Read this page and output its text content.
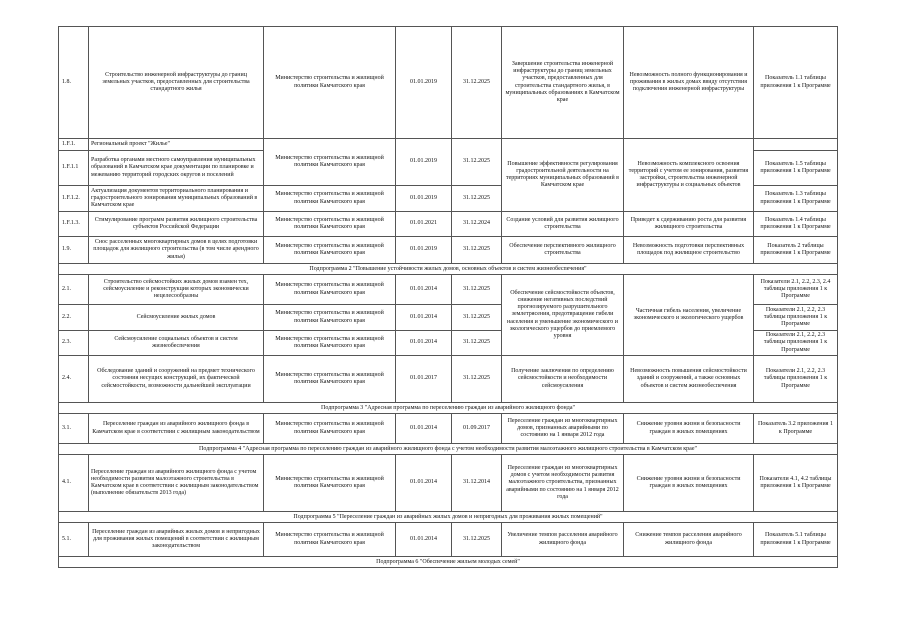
1.8.	Строительство инженерной инфраструктуры до границ земельных участков, предоставленных для строительства стандартного жилья	Министерство строительства и жилищной политики Камчатского края	01.01.2019	31.12.2025	Завершение строительства инженерной инфраструктуры до границ земельных участков, предоставленных для строительства стандартного жилья, в муниципальных образованиях в Камчатском крае	Невозможность полного функционирования и проживания в жилых домах ввиду отсутствия подключения инженерной инфраструктуры	Показатель 1.1 таблицы приложения 1 к Программе
1.F.1.	Региональный проект "Жилье"	Министерство строительства и жилищной политики Камчатского края	01.01.2019	31.12.2025	Повышение эффективности регулирования градостроительной деятельности на территориях муниципальных образований в Камчатском крае	Невозможность комплексного освоения территорий с учетом ее зонирования, развития застройки, строительства инженерной инфраструктуры и социальных объектов	
1.F.1.1	Разработка органами местного самоуправления муниципальных образований в Камчатском крае документации по планировке и межеванию территорий городских округов и поселений						Показатель 1.5 таблицы приложения 1 к Программе
1.F.1.2.	Актуализация документов территориального планирования и градостроительного зонирования муниципальных образований в Камчатском крае	Министерство строительства и жилищной политики Камчатского края	01.01.2019	31.12.2025			Показатель 1.3 таблицы приложения 1 к Программе
1.F.1.3.	Стимулирование программ развития жилищного строительства субъектов Российской Федерации	Министерство строительства и жилищной политики Камчатского края	01.01.2021	31.12.2024	Создание условий для развития жилищного строительства	Приведет к сдерживанию роста для развития жилищного строительства	Показатель 1.4 таблицы приложения 1 к Программе
1.9.	Снос расселенных многоквартирных домов в целях подготовки площадок для жилищного строительства (в том числе арендного жилья)	Министерство строительства и жилищной политики Камчатского края	01.01.2019	31.12.2025	Обеспечение перспективного жилищного строительства	Невозможность подготовки перспективных площадок под жилищное строительство	Показатель 2 таблицы приложения 1 к Программе
Подпрограмма 2 "Повышение устойчивости жилых домов, основных объектов и систем жизнеобеспечения"							
2.1.	Строительство сейсмостойких жилых домов взамен тех, сейсмоусиление и реконструкция которых экономически нецелесообразны	Министерство строительства и жилищной политики Камчатского края	01.01.2014	31.12.2025	Обеспечение сейсмостойкости объектов, снижение негативных последствий прогнозируемого разрушительного землетрясения, предотвращение гибели населения и уменьшение экономического и экологического ущербов до приемлемого уровня	Частичная гибель населения, увеличение экономического и экологического ущербов	Показатели 2.1, 2.2, 2.3, 2.4 таблицы приложения 1 к Программе
2.2.	Сейсмоусиление жилых домов	Министерство строительства и жилищной политики Камчатского края	01.01.2014	31.12.2025			Показатели 2.1, 2.2, 2.3 таблицы приложения 1 к Программе
2.3.	Сейсмоусиление социальных объектов и систем жизнеобеспечения	Министерство строительства и жилищной политики Камчатского края	01.01.2014	31.12.2025			Показатели 2.1, 2.2, 2.3 таблицы приложения 1 к Программе
2.4.	Обследование зданий и сооружений на предмет технического состояния несущих конструкций, их фактической сейсмостойкости, возможности дальнейшей эксплуатации	Министерство строительства и жилищной политики Камчатского края	01.01.2017	31.12.2025	Получение заключения по определению сейсмостойкости и необходимости сейсмоусиления	Невозможность повышения сейсмостойкости зданий и сооружений, а также основных объектов и систем жизнеобеспечения	Показатели 2.1, 2.2, 2.3 таблицы приложения 1 к Программе
Подпрограмма 3 "Адресная программа по переселению граждан из аварийного жилищного фонда"							
3.1.	Переселение граждан из аварийного жилищного фонда в Камчатском крае в соответствии с жилищным законодательством	Министерство строительства и жилищной политики Камчатского края	01.01.2014	01.09.2017	Переселение граждан из многоквартирных домов, признанных аварийными по состоянию на 1 января 2012 года	Снижение уровня жизни и безопасности граждан в жилых помещениях	Показатель 3.2 приложения 1 к Программе
Подпрограмма 4 "Адресная программа по переселению граждан из аварийного жилищного фонда с учетом необходимости развития малоэтажного жилищного строительства в Камчатском крае"							
4.1.	Переселение граждан из аварийного жилищного фонда с учетом необходимости развития малоэтажного строительства в Камчатском крае в соответствии с жилищным законодательством (выполнение обязательств 2013 года)	Министерство строительства и жилищной политики Камчатского края	01.01.2014	31.12.2014	Переселение граждан из многоквартирных домов с учетом необходимости развития малоэтажного строительства, признанных аварийными по состоянию на 1 января 2012 года	Снижение уровня жизни и безопасности граждан в жилых помещениях	Показатели 4.1, 4.2 таблицы приложения 1 к Программе
Подпрограмма 5 "Переселение граждан из аварийных жилых домов и непригодных для проживания жилых помещений"							
5.1.	Переселение граждан из аварийных жилых домов и непригодных для проживания жилых помещений в соответствии с жилищным законодательством	Министерство строительства и жилищной политики Камчатского края	01.01.2014	31.12.2025	Увеличение темпов расселения аварийного жилищного фонда	Снижение темпов расселения аварийного жилищного фонда	Показатель 5.1 таблицы приложения 1 к Программе
Подпрограмма 6 "Обеспечение жильем молодых семей"							
